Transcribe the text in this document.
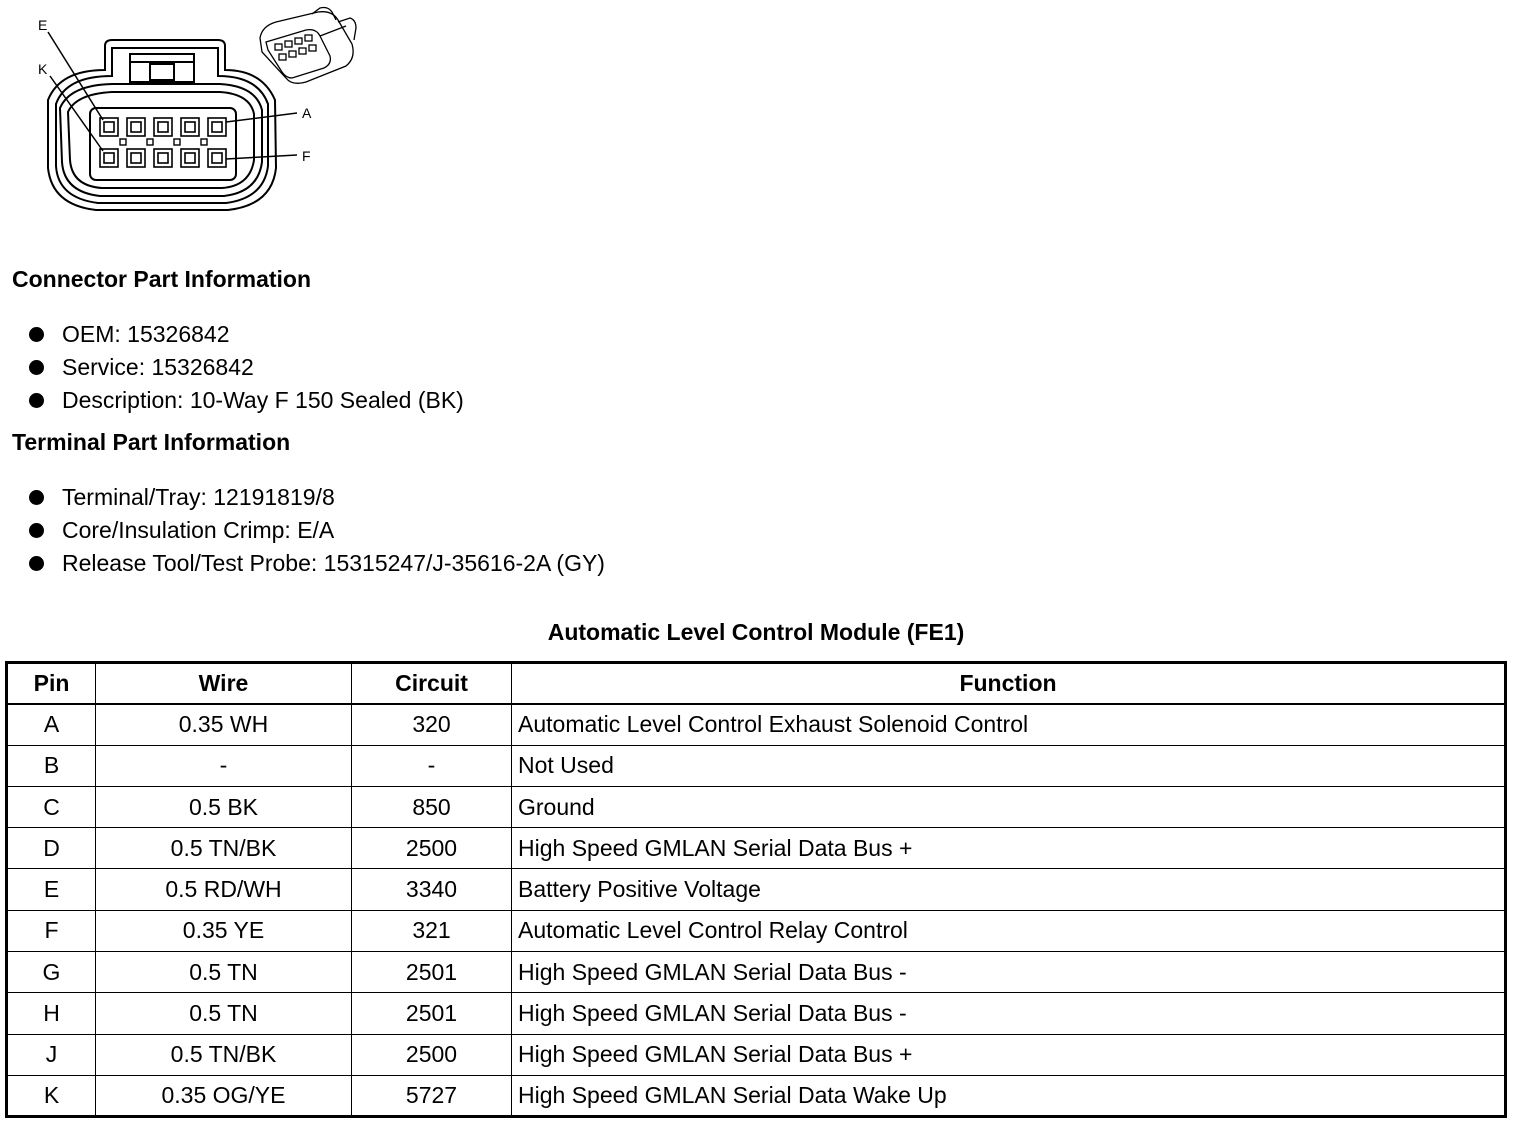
E
K
A
F
Connector Part Information
OEM: 15326842
Service: 15326842
Description: 10-Way F 150 Sealed (BK)
Terminal Part Information
Terminal/Tray: 12191819/8
Core/Insulation Crimp: E/A
Release Tool/Test Probe: 15315247/J-35616-2A (GY)
Automatic Level Control Module (FE1)
Pin	Wire	Circuit	Function
A	0.35 WH	320	Automatic Level Control Exhaust Solenoid Control
B	-	-	Not Used
C	0.5 BK	850	Ground
D	0.5 TN/BK	2500	High Speed GMLAN Serial Data Bus +
E	0.5 RD/WH	3340	Battery Positive Voltage
F	0.35 YE	321	Automatic Level Control Relay Control
G	0.5 TN	2501	High Speed GMLAN Serial Data Bus -
H	0.5 TN	2501	High Speed GMLAN Serial Data Bus -
J	0.5 TN/BK	2500	High Speed GMLAN Serial Data Bus +
K	0.35 OG/YE	5727	High Speed GMLAN Serial Data Wake Up
